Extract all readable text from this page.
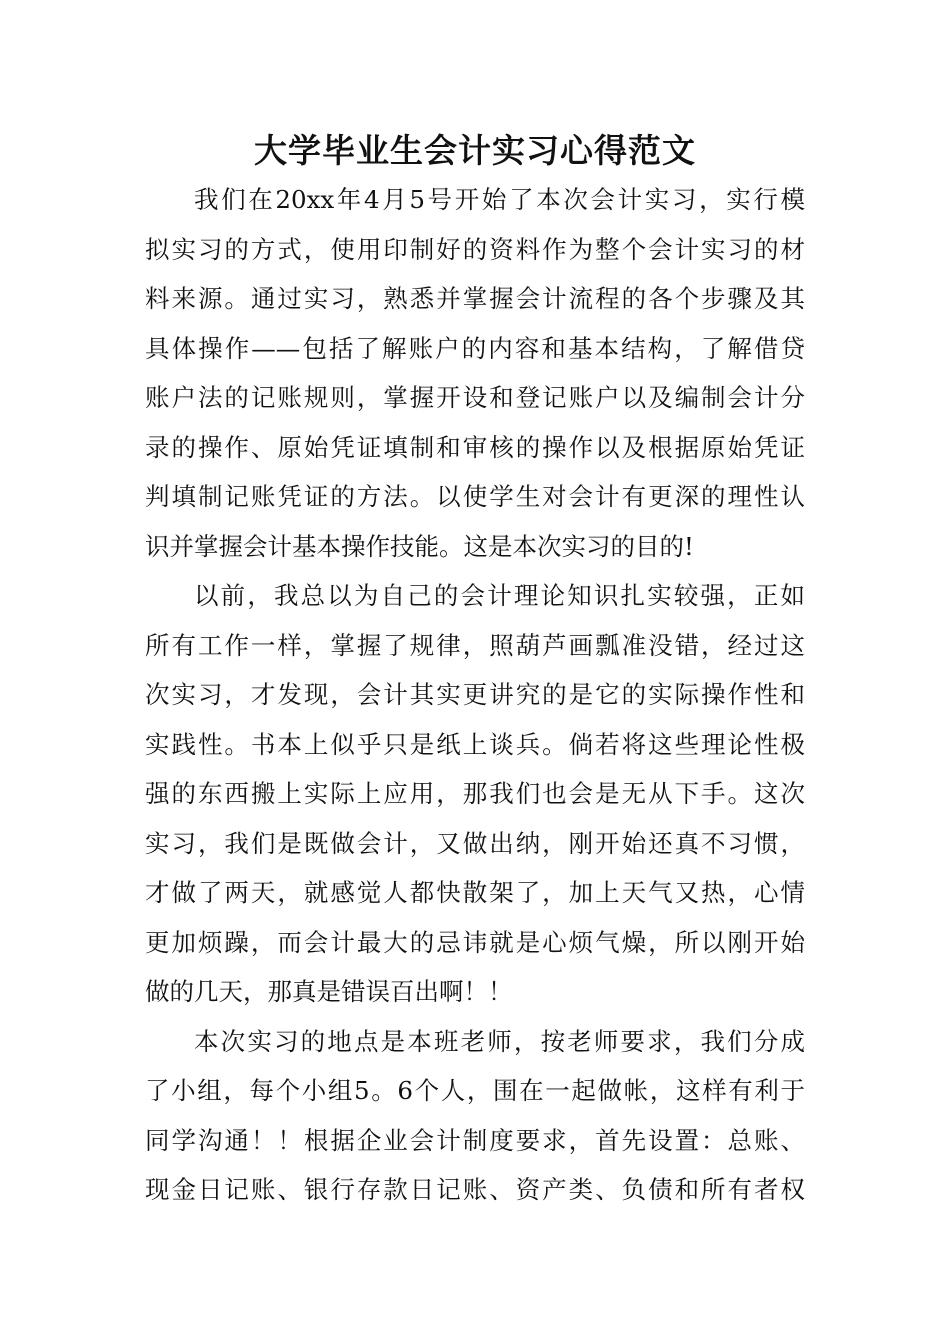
大学毕业生会计实习心得范文
我们在20xx年4月5号开始了本次会计实习，实行模
拟实习的方式，使用印制好的资料作为整个会计实习的材
料来源。通过实习，熟悉并掌握会计流程的各个步骤及其
具体操作——包括了解账户的内容和基本结构，了解借贷
账户法的记账规则，掌握开设和登记账户以及编制会计分
录的操作、原始凭证填制和审核的操作以及根据原始凭证
判填制记账凭证的方法。以使学生对会计有更深的理性认
识并掌握会计基本操作技能。这是本次实习的目的!
以前，我总以为自己的会计理论知识扎实较强，正如
所有工作一样，掌握了规律，照葫芦画瓢准没错，经过这
次实习，才发现，会计其实更讲究的是它的实际操作性和
实践性。书本上似乎只是纸上谈兵。倘若将这些理论性极
强的东西搬上实际上应用，那我们也会是无从下手。这次
实习，我们是既做会计，又做出纳，刚开始还真不习惯，
才做了两天，就感觉人都快散架了，加上天气又热，心情
更加烦躁，而会计最大的忌讳就是心烦气燥，所以刚开始
做的几天，那真是错误百出啊！！
本次实习的地点是本班老师，按老师要求，我们分成
了小组，每个小组5。6个人，围在一起做帐，这样有利于
同学沟通！！根据企业会计制度要求，首先设置：总账、
现金日记账、银行存款日记账、资产类、负债和所有者权
